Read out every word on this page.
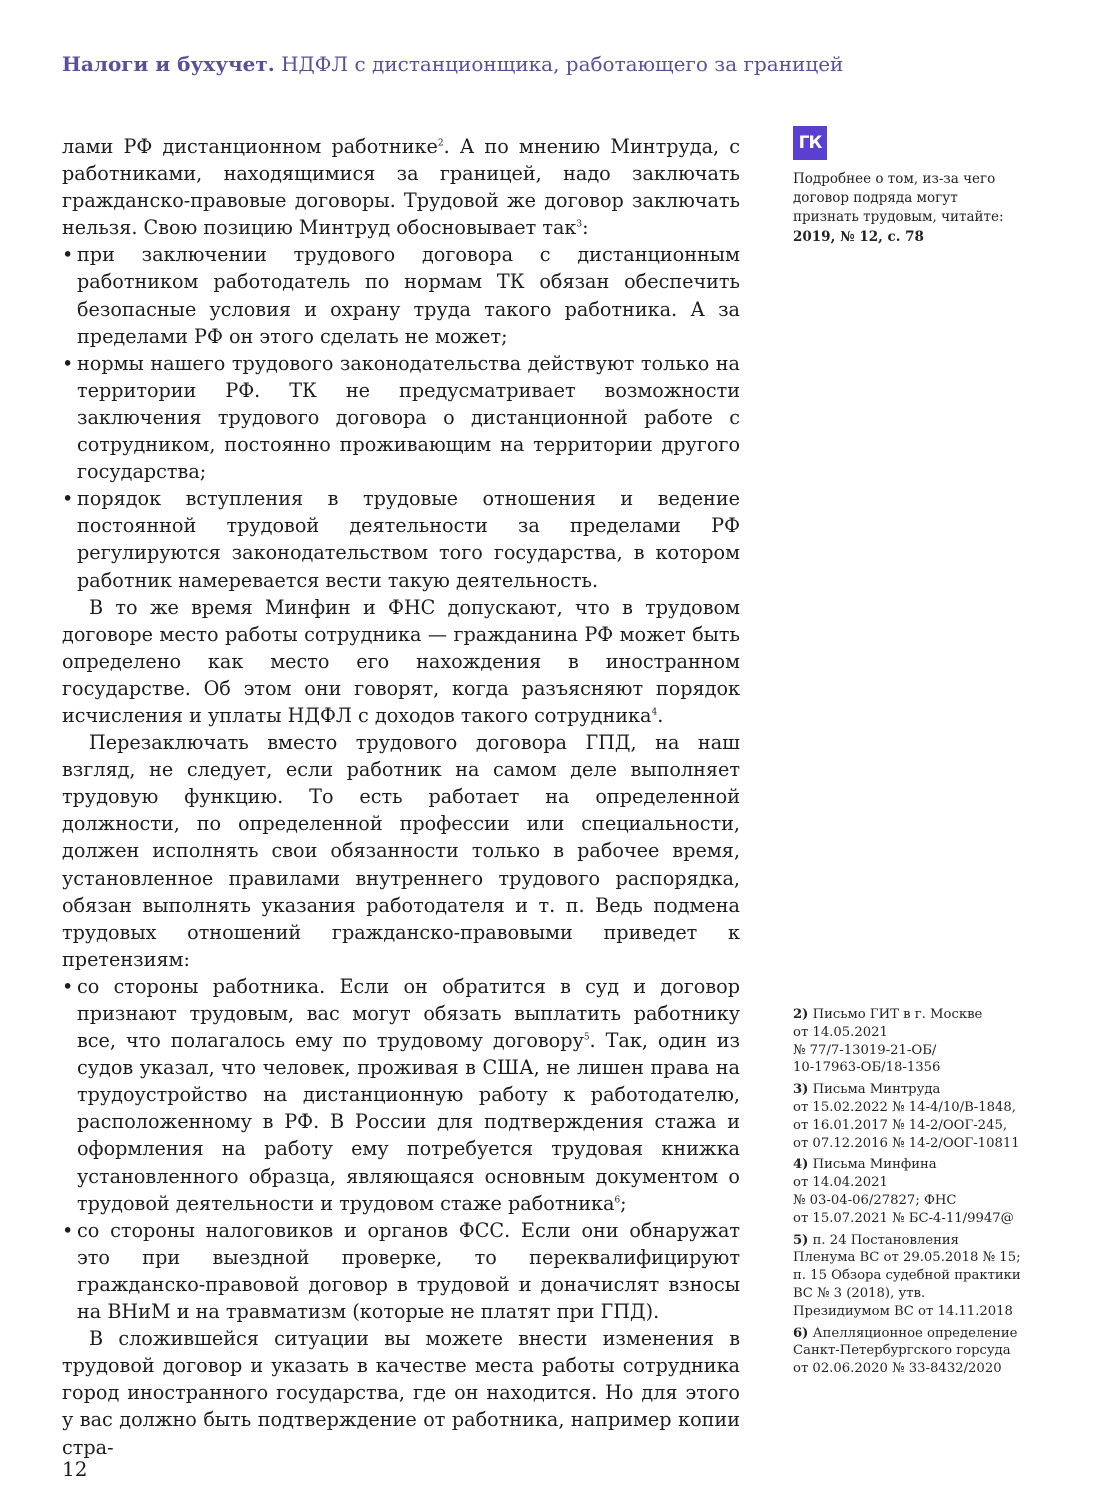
Налоги и бухучет. НДФЛ с дистанционщика, работающего за границей

лами РФ дистанционном работнике$^2$. А по мнению Минтруда, с работниками, находящимися за границей, надо заключать гражданско-правовые договоры. Трудовой же договор заключать нельзя. Свою позицию Минтруд обосновывает так$^3$:

• при заключении трудового договора с дистанционным работником работодатель по нормам ТК обязан обеспечить безопасные условия и охрану труда такого работника. А за пределами РФ он этого сделать не может;
• нормы нашего трудового законодательства действуют только на территории РФ. ТК не предусматривает возможности заключения трудового договора о дистанционной работе с сотрудником, постоянно проживающим на территории другого государства;
• порядок вступления в трудовые отношения и ведение постоянной трудовой деятельности за пределами РФ регулируются законодательством того государства, в котором работник намеревается вести такую деятельность.

В то же время Минфин и ФНС допускают, что в трудовом договоре место работы сотрудника — гражданина РФ может быть определено как место его нахождения в иностранном государстве. Об этом они говорят, когда разъясняют порядок исчисления и уплаты НДФЛ с доходов такого сотрудника$^4$.

Перезаключать вместо трудового договора ГПД, на наш взгляд, не следует, если работник на самом деле выполняет трудовую функцию. То есть работает на определенной должности, по определенной профессии или специальности, должен исполнять свои обязанности только в рабочее время, установленное правилами внутреннего трудового распорядка, обязан выполнять указания работодателя и т. п. Ведь подмена трудовых отношений гражданско-правовыми приведет к претензиям:

• со стороны работника. Если он обратится в суд и договор признают трудовым, вас могут обязать выплатить работнику все, что полагалось ему по трудовому договору$^5$. Так, один из судов указал, что человек, проживая в США, не лишен права на трудоустройство на дистанционную работу к работодателю, расположенному в РФ. В России для подтверждения стажа и оформления на работу ему потребуется трудовая книжка установленного образца, являющаяся основным документом о трудовой деятельности и трудовом стаже работника$^6$;
• со стороны налоговиков и органов ФСС. Если они обнаружат это при выездной проверке, то переквалифицируют гражданско-правовой договор в трудовой и доначислят взносы на ВНиМ и на травматизм (которые не платят при ГПД).

В сложившейся ситуации вы можете внести изменения в трудовой договор и указать в качестве места работы сотрудника город иностранного государства, где он находится. Но для этого у вас должно быть подтверждение от работника, например копии стра-

ГК
Подробнее о том, из-за чего договор подряда могут признать трудовым, читайте:
2019, № 12, с. 78
2) Письмо ГИТ в г. Москве
от 14.05.2021
№ 77/7-13019-21-ОБ/
10-17963-ОБ/18-1356
3) Письма Минтруда
от 15.02.2022 № 14-4/10/В-1848,
от 16.01.2017 № 14-2/ООГ-245,
от 07.12.2016 № 14-2/ООГ-10811
4) Письма Минфина
от 14.04.2021
№ 03-04-06/27827; ФНС
от 15.07.2021 № БС-4-11/9947@
5) п. 24 Постановления
Пленума ВС от 29.05.2018 № 15;
п. 15 Обзора судебной практики
ВС № 3 (2018), утв.
Президиумом ВС от 14.11.2018
6) Апелляционное определение
Санкт-Петербургского горсуда
от 02.06.2020 № 33-8432/2020
12
